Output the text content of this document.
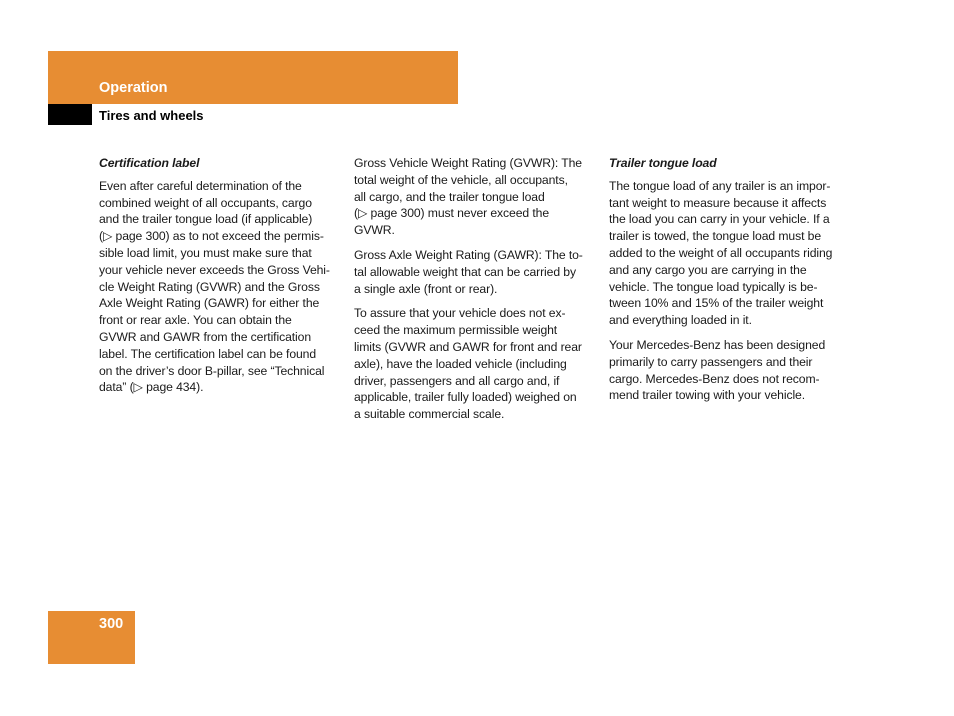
Operation
Tires and wheels
Certification label
Even after careful determination of the
combined weight of all occupants, cargo
and the trailer tongue load (if applicable)
(▷ page 300) as to not exceed the permis-
sible load limit, you must make sure that
your vehicle never exceeds the Gross Vehi-
cle Weight Rating (GVWR) and the Gross
Axle Weight Rating (GAWR) for either the
front or rear axle. You can obtain the
GVWR and GAWR from the certification
label. The certification label can be found
on the driver’s door B-pillar, see “Technical
data” (▷ page 434).
Gross Vehicle Weight Rating (GVWR): The
total weight of the vehicle, all occupants,
all cargo, and the trailer tongue load
(▷ page 300) must never exceed the
GVWR.
Gross Axle Weight Rating (GAWR): The to-
tal allowable weight that can be carried by
a single axle (front or rear).
To assure that your vehicle does not ex-
ceed the maximum permissible weight
limits (GVWR and GAWR for front and rear
axle), have the loaded vehicle (including
driver, passengers and all cargo and, if
applicable, trailer fully loaded) weighed on
a suitable commercial scale.
Trailer tongue load
The tongue load of any trailer is an impor-
tant weight to measure because it affects
the load you can carry in your vehicle. If a
trailer is towed, the tongue load must be
added to the weight of all occupants riding
and any cargo you are carrying in the
vehicle. The tongue load typically is be-
tween 10% and 15% of the trailer weight
and everything loaded in it.
Your Mercedes-Benz has been designed
primarily to carry passengers and their
cargo. Mercedes-Benz does not recom-
mend trailer towing with your vehicle.
300
